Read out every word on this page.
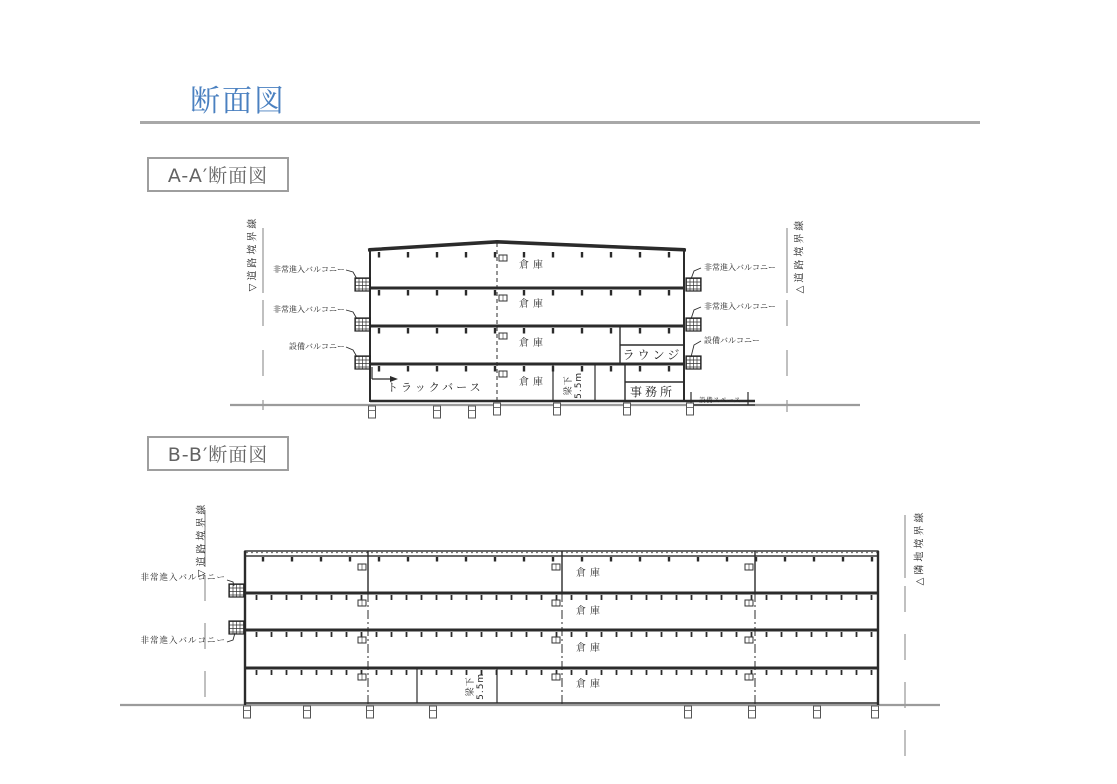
断面図
A-A′断面図
B-B′断面図
▽道路境界線	△道路境界線
非常進入バルコニー
非常進入バルコニー
設備バルコニー
非常進入バルコニー
非常進入バルコニー
設備バルコニー
倉庫
倉庫
倉庫
倉庫
ラウンジ
事務所
トラックバース
設備スペース
梁下 5.5m
▽道路境界線	△隣地境界線
非常進入バルコニー
非常進入バルコニー
倉庫
倉庫
倉庫
倉庫
梁下 5.5m
